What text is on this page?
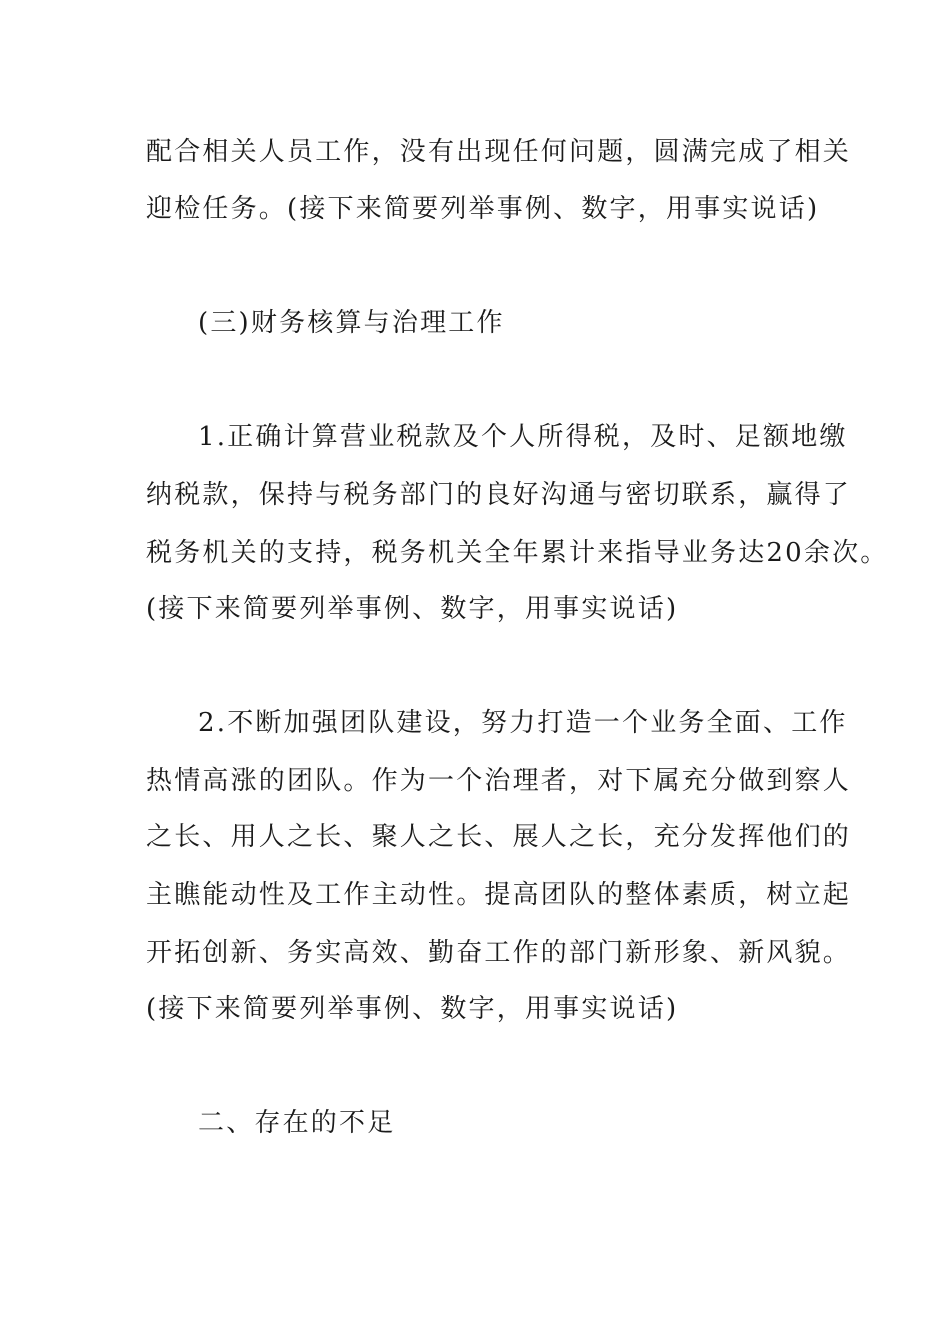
配合相关人员工作，没有出现任何问题，圆满完成了相关
迎检任务。(接下来简要列举事例、数字，用事实说话)
(三)财务核算与治理工作
1.正确计算营业税款及个人所得税，及时、足额地缴
纳税款，保持与税务部门的良好沟通与密切联系，赢得了
税务机关的支持，税务机关全年累计来指导业务达20余次。
(接下来简要列举事例、数字，用事实说话)
2.不断加强团队建设，努力打造一个业务全面、工作
热情高涨的团队。作为一个治理者，对下属充分做到察人
之长、用人之长、聚人之长、展人之长，充分发挥他们的
主瞧能动性及工作主动性。提高团队的整体素质，树立起
开拓创新、务实高效、勤奋工作的部门新形象、新风貌。
(接下来简要列举事例、数字，用事实说话)
二、存在的不足
